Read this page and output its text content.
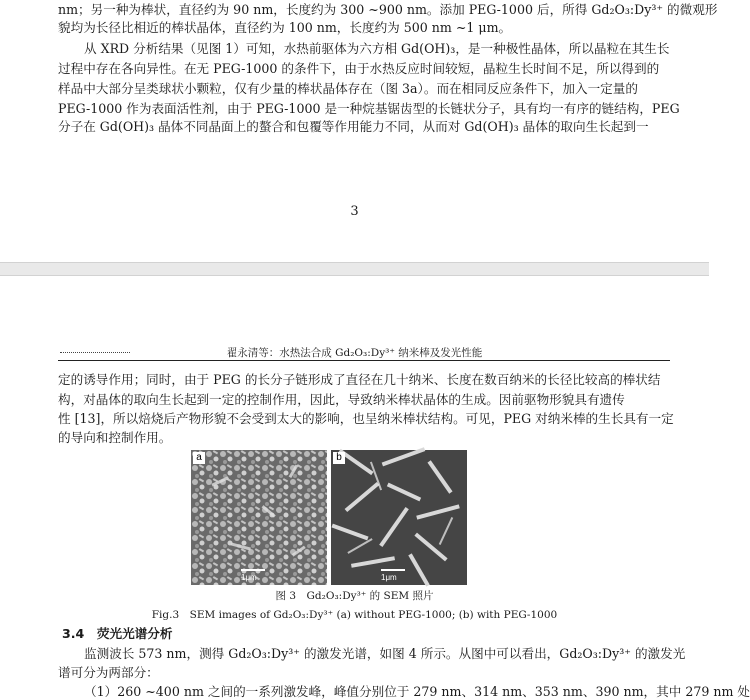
nm；另一种为棒状，直径约为 90 nm，长度约为 300 ~900 nm。添加 PEG-1000 后，所得 Gd₂O₃:Dy³⁺ 的微观形
貌均为长径比相近的棒状晶体，直径约为 100 nm，长度约为 500 nm ~1 μm。
从 XRD 分析结果（见图 1）可知，水热前驱体为六方相 Gd(OH)₃，是一种极性晶体，所以晶粒在其生长
过程中存在各向异性。在无 PEG-1000 的条件下，由于水热反应时间较短，晶粒生长时间不足，所以得到的
样品中大部分呈类球状小颗粒，仅有少量的棒状晶体存在（图 3a）。而在相同反应条件下，加入一定量的
PEG-1000 作为表面活性剂，由于 PEG-1000 是一种烷基锯齿型的长链状分子，具有均一有序的链结构，PEG
分子在 Gd(OH)₃ 晶体不同晶面上的螯合和包覆等作用能力不同，从而对 Gd(OH)₃ 晶体的取向生长起到一
3
翟永清等：水热法合成 Gd₂O₃:Dy³⁺ 纳米棒及发光性能
定的诱导作用；同时，由于 PEG 的长分子链形成了直径在几十纳米、长度在数百纳米的长径比较高的棒状结
构，对晶体的取向生长起到一定的控制作用，因此，导致纳米棒状晶体的生成。因前驱物形貌具有遗传
性 [13]，所以焙烧后产物形貌不会受到太大的影响，也呈纳米棒状结构。可见，PEG 对纳米棒的生长具有一定
的导向和控制作用。
a
1μm
b
1μm
图 3　Gd₂O₃:Dy³⁺ 的 SEM 照片
Fig.3　SEM images of Gd₂O₃:Dy³⁺ (a) without PEG-1000; (b) with PEG-1000
3.4　荧光光谱分析
监测波长 573 nm，测得 Gd₂O₃:Dy³⁺ 的激发光谱，如图 4 所示。从图中可以看出，Gd₂O₃:Dy³⁺ 的激发光
谱可分为两部分：
（1）260 ~400 nm 之间的一系列激发峰，峰值分别位于 279 nm、314 nm、353 nm、390 nm，其中 279 nm 处
